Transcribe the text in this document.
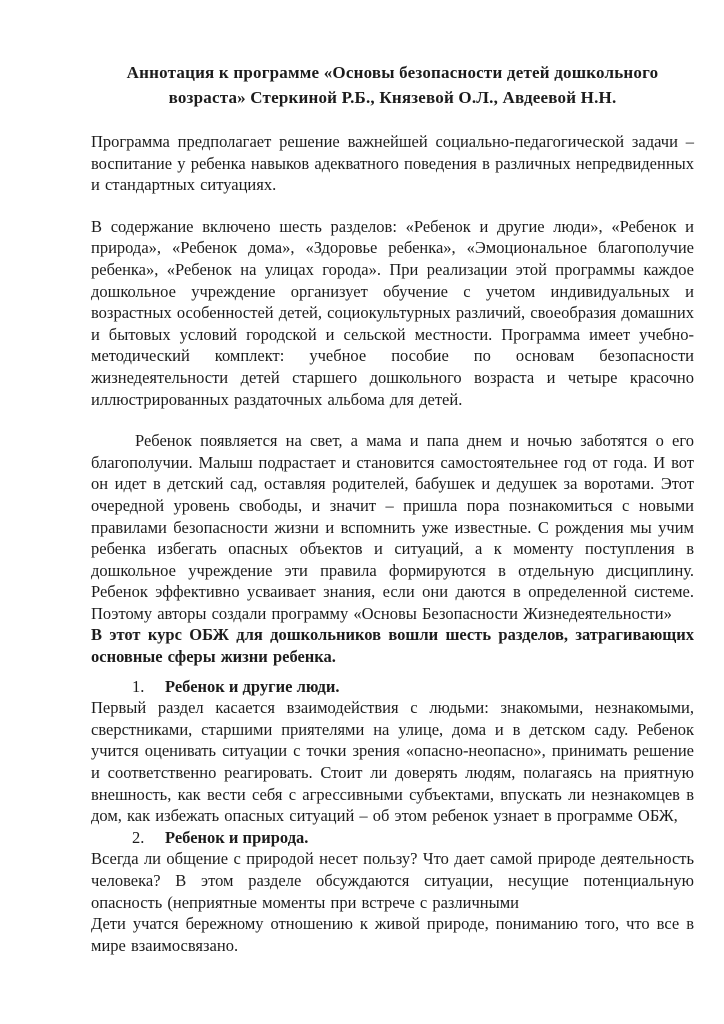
Аннотация к программе «Основы безопасности детей дошкольного возраста» Стеркиной Р.Б., Князевой О.Л., Авдеевой Н.Н.

Программа предполагает решение важнейшей социально-педагогической задачи – воспитание у ребенка навыков адекватного поведения в различных непредвиденных и стандартных ситуациях.

В содержание включено шесть разделов: «Ребенок и другие люди», «Ребенок и природа», «Ребенок дома», «Здоровье ребенка», «Эмоциональное благополучие ребенка», «Ребенок на улицах города». При реализации этой программы каждое дошкольное учреждение организует обучение с учетом индивидуальных и возрастных особенностей детей, социокультурных различий, своеобразия домашних и бытовых условий городской и сельской местности. Программа имеет учебно-методический комплект: учебное пособие по основам безопасности жизнедеятельности детей старшего дошкольного возраста и четыре красочно иллюстрированных раздаточных альбома для детей.

Ребенок появляется на свет, а мама и папа днем и ночью заботятся о его благополучии. Малыш подрастает и становится самостоятельнее год от года. И вот он идет в детский сад, оставляя родителей, бабушек и дедушек за воротами. Этот очередной уровень свободы, и значит – пришла пора познакомиться с новыми правилами безопасности жизни и вспомнить уже известные. С рождения мы учим ребенка избегать опасных объектов и ситуаций, а к моменту поступления в дошкольное учреждение эти правила формируются в отдельную дисциплину. Ребенок эффективно усваивает знания, если они даются в определенной системе. Поэтому авторы создали программу «Основы Безопасности Жизнедеятельности»

В этот курс ОБЖ для дошкольников вошли шесть разделов, затрагивающих основные сферы жизни ребенка.

1. Ребенок и другие люди.

Первый раздел касается взаимодействия с людьми: знакомыми, незнакомыми, сверстниками, старшими приятелями на улице, дома и в детском саду. Ребенок учится оценивать ситуации с точки зрения «опасно-неопасно», принимать решение и соответственно реагировать. Стоит ли доверять людям, полагаясь на приятную внешность, как вести себя с агрессивными субъектами, впускать ли незнакомцев в дом, как избежать опасных ситуаций – об этом ребенок узнает в программе ОБЖ,

2. Ребенок и природа.

Всегда ли общение с природой несет пользу? Что дает самой природе деятельность человека? В этом разделе обсуждаются ситуации, несущие потенциальную опасность (неприятные моменты при встрече с различными

Дети учатся бережному отношению к живой природе, пониманию того, что все в мире взаимосвязано.
